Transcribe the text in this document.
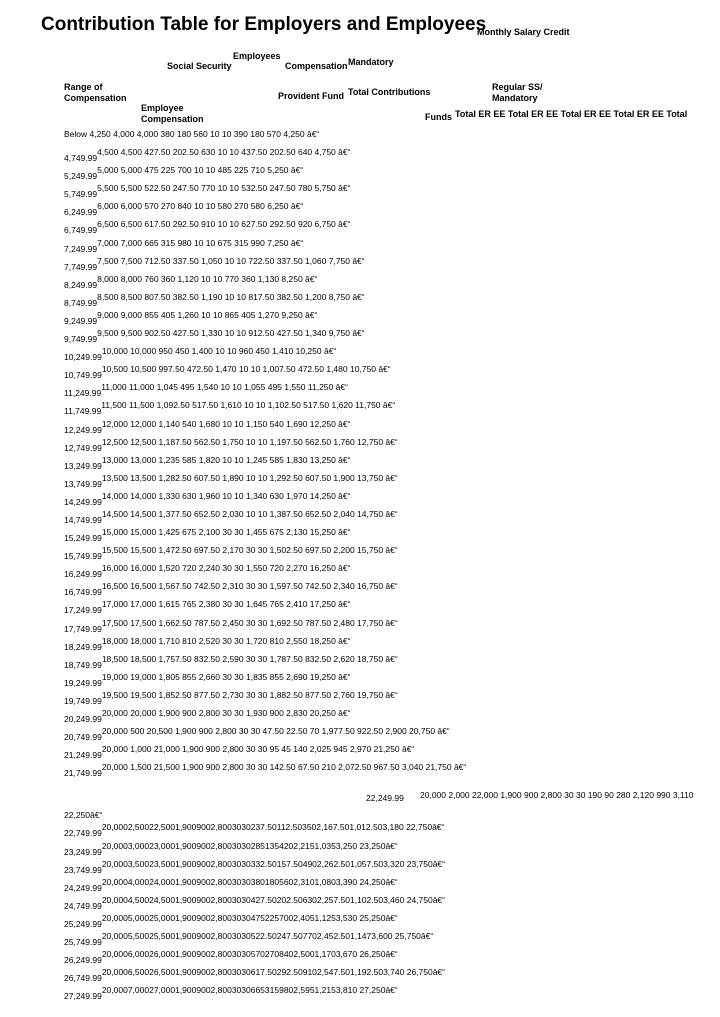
Contribution Table for Employers and Employees
Monthly Salary Credit
Employees
Social Security	Compensation Mandatory
Range of
Compensation
Employee
Compensation
Provident Fund Total Contributions	Regular SS/
Mandatory
Funds Total ER EE Total ER EE Total ER EE Total ER EE Total
Below 4,250 4,000 4,000 380 180 560 10 10 390 180 570 4,250 â€“
4,749.994,500 4,500 427.50 202.50 630 10 10 437.50 202.50 640 4,750 â€“
5,249.995,000 5,000 475 225 700 10 10 485 225 710 5,250 â€“
5,749.995,500 5,500 522.50 247.50 770 10 10 532.50 247.50 780 5,750 â€“
6,249.996,000 6,000 570 270 840 10 10 580 270 580 6,250 â€“
6,749.996,500 6,500 617.50 292.50 910 10 10 627.50 292.50 920 6,750 â€“
7,249.997,000 7,000 665 315 980 10 10 675 315 990 7,250 â€“
7,749.997,500 7,500 712.50 337.50 1,050 10 10 722.50 337.50 1,060 7,750 â€“
8,249.998,000 8,000 760 360 1,120 10 10 770 360 1,130 8,250 â€“
8,749.998,500 8,500 807.50 382.50 1,190 10 10 817.50 382.50 1,200 8,750 â€“
9,249.999,000 9,000 855 405 1,260 10 10 865 405 1,270 9,250 â€“
9,749.999,500 9,500 902.50 427.50 1,330 10 10 912.50 427.50 1,340 9,750 â€“
10,249.9910,000 10,000 950 450 1,400 10 10 960 450 1,410 10,250 â€“
10,749.9910,500 10,500 997.50 472.50 1,470 10 10 1,007.50 472.50 1,480 10,750 â€“
11,249.9911,000 11,000 1,045 495 1,540 10 10 1,055 495 1,550 11,250 â€“
11,749.9911,500 11,500 1,092.50 517.50 1,610 10 10 1,102.50 517.50 1,620 11,750 â€“
12,249.9912,000 12,000 1,140 540 1,680 10 10 1,150 540 1,690 12,250 â€“
12,749.9912,500 12,500 1,187.50 562.50 1,750 10 10 1,197.50 562.50 1,760 12,750 â€“
13,249.9913,000 13,000 1,235 585 1,820 10 10 1,245 585 1,830 13,250 â€“
13,749.9913,500 13,500 1,282.50 607.50 1,890 10 10 1,292.50 607.50 1,900 13,750 â€“
14,249.9914,000 14,000 1,330 630 1,960 10 10 1,340 630 1,970 14,250 â€“
14,749.9914,500 14,500 1,377.50 652.50 2,030 10 10 1,387.50 652.50 2,040 14,750 â€“
15,249.9915,000 15,000 1,425 675 2,100 30 30 1,455 675 2,130 15,250 â€“
15,749.9915,500 15,500 1,472.50 697.50 2,170 30 30 1,502.50 697.50 2,200 15,750 â€“
16,249.9916,000 16,000 1,520 720 2,240 30 30 1,550 720 2,270 16,250 â€“
16,749.9916,500 16,500 1,567.50 742.50 2,310 30 30 1,597.50 742.50 2,340 16,750 â€“
17,249.9917,000 17,000 1,615 765 2,380 30 30 1,645 765 2,410 17,250 â€“
17,749.9917,500 17,500 1,662.50 787.50 2,450 30 30 1,692.50 787.50 2,480 17,750 â€“
18,249.9918,000 18,000 1,710 810 2,520 30 30 1,720 810 2,550 18,250 â€“
18,749.9918,500 18,500 1,757.50 832.50 2,590 30 30 1,787.50 832.50 2,620 18,750 â€“
19,249.9919,000 19,000 1,805 855 2,660 30 30 1,835 855 2,690 19,250 â€“
19,749.9919,500 19,500 1,852.50 877.50 2,730 30 30 1,882.50 877.50 2,760 19,750 â€“
20,249.9920,000 20,000 1,900 900 2,800 30 30 1,930 900 2,830 20,250 â€“
20,749.9920,000 500 20,500 1,900 900 2,800 30 30 47.50 22.50 70 1,977.50 922.50 2,900 20,750 â€“
21,249.9920,000 1,000 21,000 1,900 900 2,800 30 30 95 45 140 2,025 945 2,970 21,250 â€“
21,749.9920,000 1,500 21,500 1,900 900 2,800 30 30 142.50 67.50 210 2,072.50 967.50 3,040 21,750 â€“
20,000 2,000 22,000 1,900 900 2,800 30 30 190 90 280 2,120 990 3,110
22,249.99
22,250â€“
22,749.9920,0002,50022,5001,9009002,8003030237.50112.503502,167.501,012.503,180 22,750â€“
23,249.9920,0003,00023,0001,9009002,80030302851354202,2151,0353,250 23,250â€“
23,749.9920,0003,50023,5001,9009002,8003030332.50157.504902,262.501,057.503,320 23,750â€“
24,249.9920,0004,00024,0001,9009002,80030303801805602,3101,0803,390 24,250â€“
24,749.9920,0004,50024,5001,9009002,8003030427.50202.506302,257.501,102.503,460 24,750â€“
25,249.9920,0005,00025,0001,9009002,80030304752257002,4051,1253,530 25,250â€“
25,749.9920,0005,50025,5001,9009002,8003030522.50247.507702,452.501,1473,600 25,750â€“
26,249.9920,0006,00026,0001,9009002,80030305702708402,5001,1703,670 26,250â€“
26,749.9920,0006,50026,5001,9009002,8003030617.50292.509102,547.501,192.503,740 26,750â€“
27,249.9920,0007,00027,0001,9009002,80030306653159802,5951,2153,810 27,250â€“
